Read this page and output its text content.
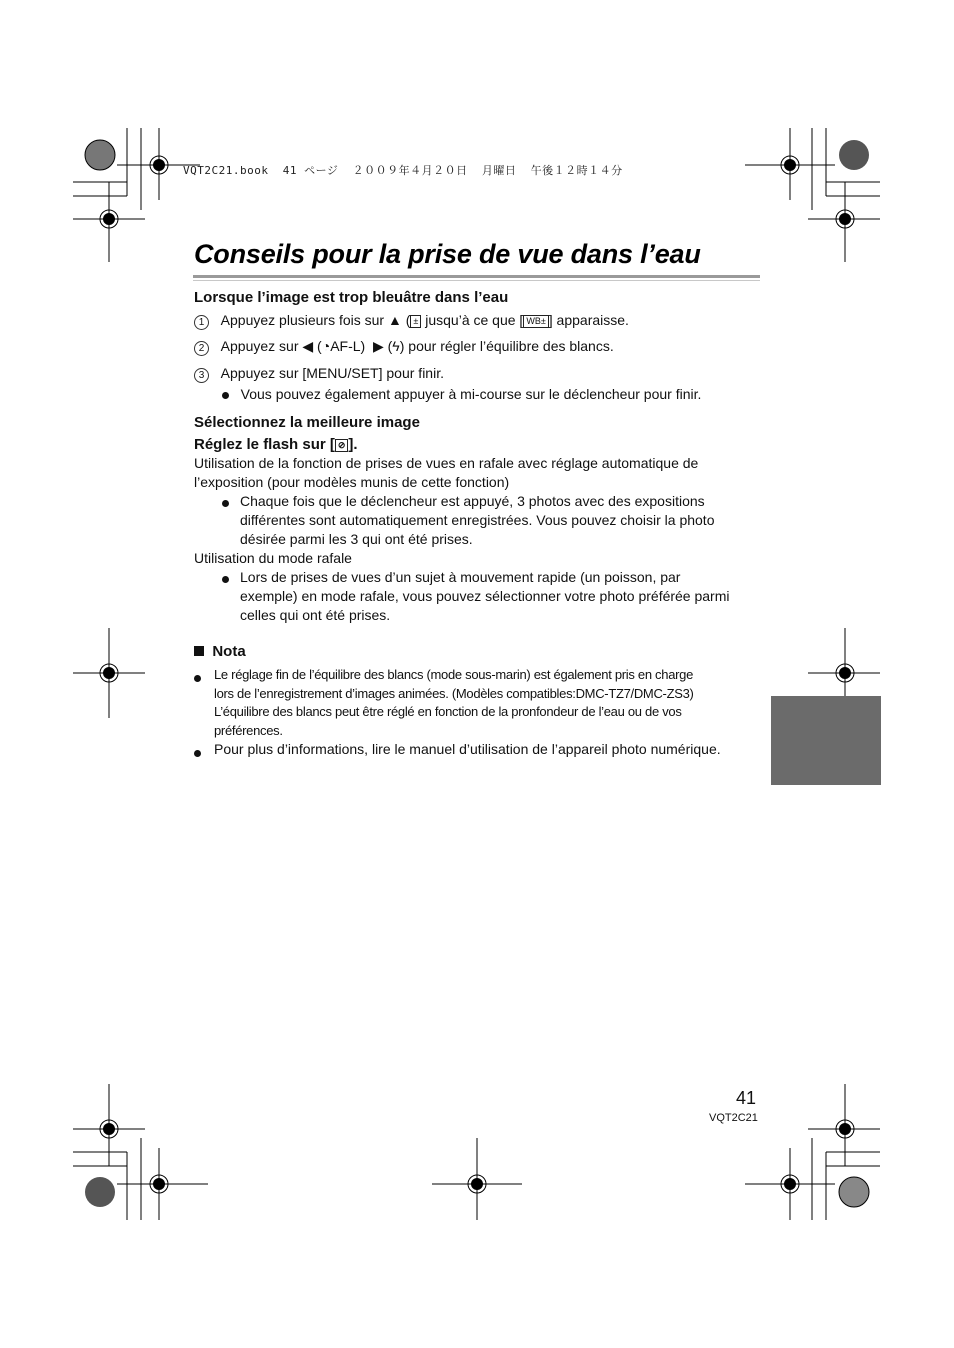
VQT2C21.book  41 ページ  ２００９年４月２０日  月曜日  午後１２時１４分
Conseils pour la prise de vue dans l’eau
Lorsque l’image est trop bleuâtre dans l’eau
1 Appuyez plusieurs fois sur ▲ ( ± jusqu’à ce que [ WB± ] apparaisse.
2 Appuyez sur ◀ (◔AF-L)  ▶ (ϟ) pour régler l’équilibre des blancs.
3 Appuyez sur [MENU/SET] pour finir.
Vous pouvez également appuyer à mi-course sur le déclencheur pour finir.
Sélectionnez la meilleure image
Réglez le flash sur [ ⊘ ].
Utilisation de la fonction de prises de vues en rafale avec réglage automatique de
l’exposition (pour modèles munis de cette fonction)
Chaque fois que le déclencheur est appuyé, 3 photos avec des expositions
différentes sont automatiquement enregistrées. Vous pouvez choisir la photo
désirée parmi les 3 qui ont été prises.
Utilisation du mode rafale
Lors de prises de vues d’un sujet à mouvement rapide (un poisson, par
exemple) en mode rafale, vous pouvez sélectionner votre photo préférée parmi
celles qui ont été prises.
Nota
Le réglage fin de l’équilibre des blancs (mode sous-marin) est également pris en charge
lors de l’enregistrement d’images animées. (Modèles compatibles:DMC-TZ7/DMC-ZS3)
L’équilibre des blancs peut être réglé en fonction de la pronfondeur de l’eau ou de vos
préférences.
Pour plus d’informations, lire le manuel d’utilisation de l’appareil photo numérique.
41
VQT2C21
